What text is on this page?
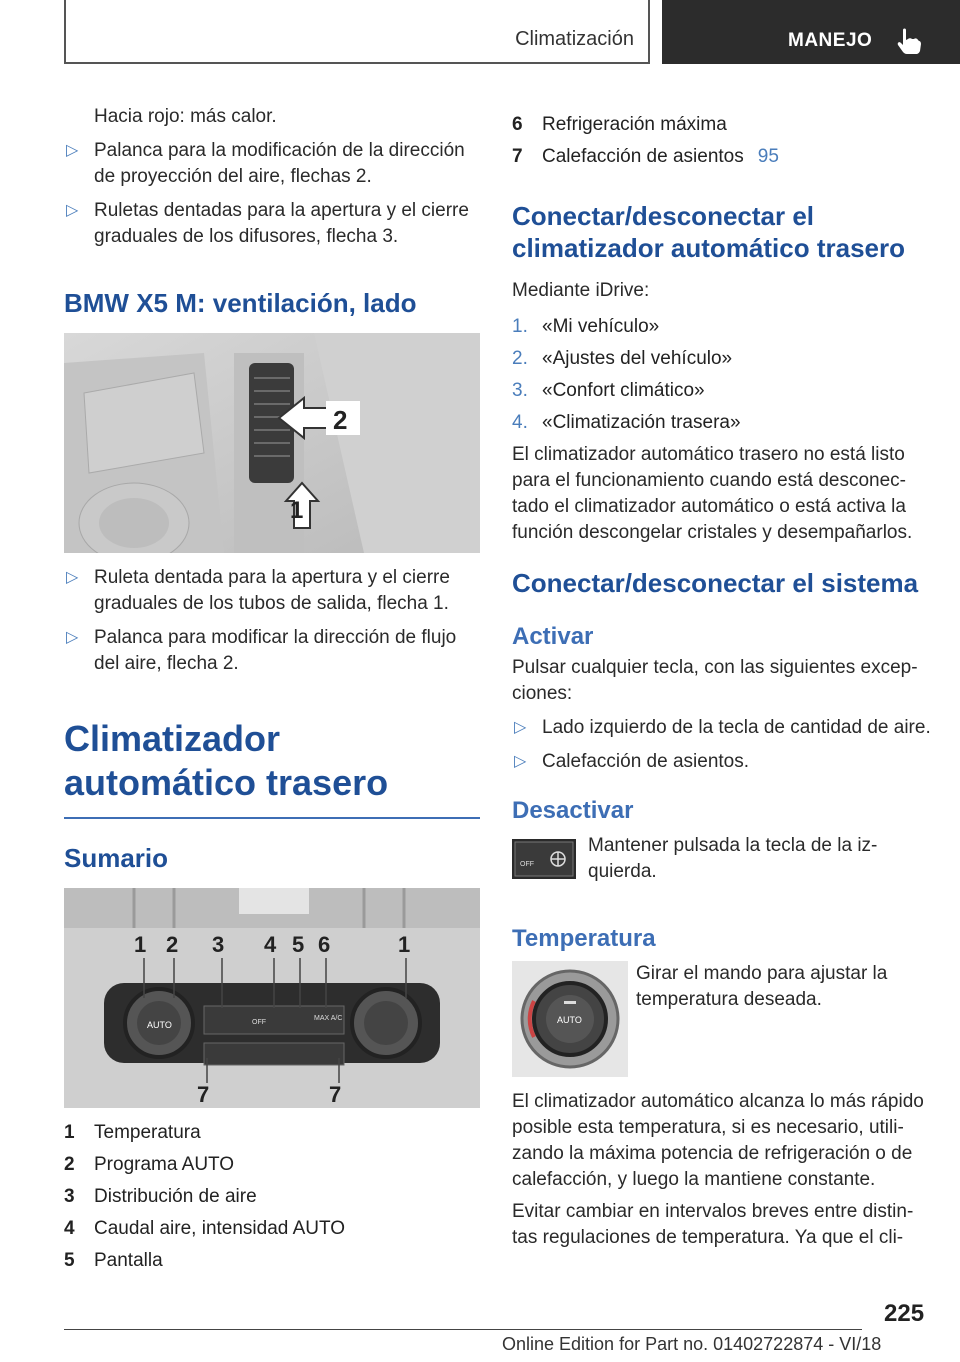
Climatización	MANEJO
Hacia rojo: más calor.
▷ Palanca para la modificación de la dirección de proyección del aire, flechas 2.
▷ Ruletas dentadas para la apertura y el cierre graduales de los difusores, flecha 3.
BMW X5 M: ventilación, lado
2
1
▷ Ruleta dentada para la apertura y el cierre graduales de los tubos de salida, flecha 1.
▷ Palanca para modificar la dirección de flujo del aire, flecha 2.
Climatizador automático trasero
Sumario
AUTO	OFF
MAX A/C
1 2 3 4 5 6	1
7	7
1 Temperatura
2 Programa AUTO
3 Distribución de aire
4 Caudal aire, intensidad AUTO
5 Pantalla
6 Refrigeración máxima
7 Calefacción de asientos 95
Conectar/desconectar el climatizador automático trasero
Mediante iDrive:
1. «Mi vehículo»
2. «Ajustes del vehículo»
3. «Confort climático»
4. «Climatización trasera»
El climatizador automático trasero no está listo para el funcionamiento cuando está desconec‐ tado el climatizador automático o está activa la función descongelar cristales y desempañarlos.
Conectar/desconectar el sistema
Activar
Pulsar cualquier tecla, con las siguientes excep‐ ciones:
▷ Lado izquierdo de la tecla de cantidad de aire.
▷ Calefacción de asientos.
Desactivar
OFF
Mantener pulsada la tecla de la iz‐ quierda.
Temperatura
AUTO
Girar el mando para ajustar la temperatura deseada.
El climatizador automático alcanza lo más rápido posible esta temperatura, si es necesario, utili‐ zando la máxima potencia de refrigeración o de calefacción, y luego la mantiene constante.
Evitar cambiar en intervalos breves entre distin‐ tas regulaciones de temperatura. Ya que el cli‐
225
Online Edition for Part no. 01402722874 - VI/18
